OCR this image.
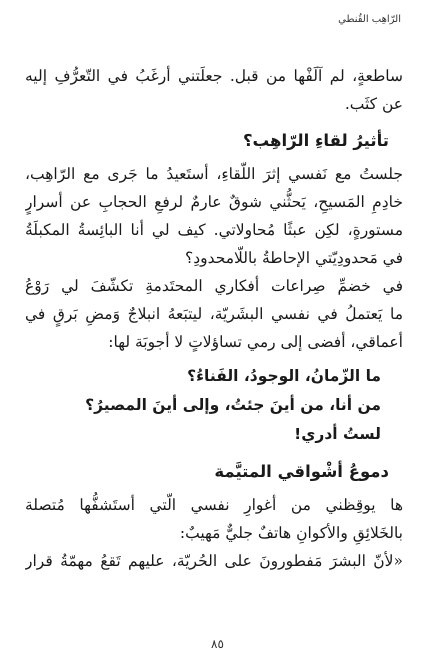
الرّاهِب القُنطي
ساطعةٍ، لم آلَفْها من قبل. جعلَتني أرغَبُ في التّعرُّفِ إليه
عن كثَب.
تأثيرُ لقاءِ الرّاهِب؟
جلستُ مع نَفسي إثرَ اللّقاءِ، أستَعيدُ ما جَرى مع الرّاهِب،
خادِمِ المَسيحِ، يَحثُّني شوقٌ عارمٌ لرفعِ الحجابِ عن أسرارٍ
مستورةٍ، لكِن عبثًا مُحاولاتي. كيف لي أنا البائِسةُ المكبلَةُ
في مَحدودِيّتي الإحاطةُ باللّامحدودِ؟
في خضمِّ صِراعات أفكاري المحتَدمةِ تكشّفَ لي رَوْعُ
ما يَعتملُ في نفسي البشَريّة، ليتبَعهُ انبلاجٌ وَمضِ بَرقٍ في
أعماقي، أفضى إلى رمي تساؤلاتٍ لا أجوبَة لها:
ما الزّمانُ، الوجودُ، الفَناءُ؟
من أنا، من أينَ جئتُ، وإلى أينَ المصيرُ؟
لستُ أدري!
دموعُ أشْواقي المتيَّمة
ها يوقِظني من أغوارِ نفسي الّتي أستَشفُّها مُتصلة
بالخَلائِقِ والأكوانِ هاتفٌ جليٌّ مَهيبٌ:
«لأنّ البشرَ مَفطورونَ على الحُريّة، عليهم تَقعُ مهمّةُ قرار
٨٥
